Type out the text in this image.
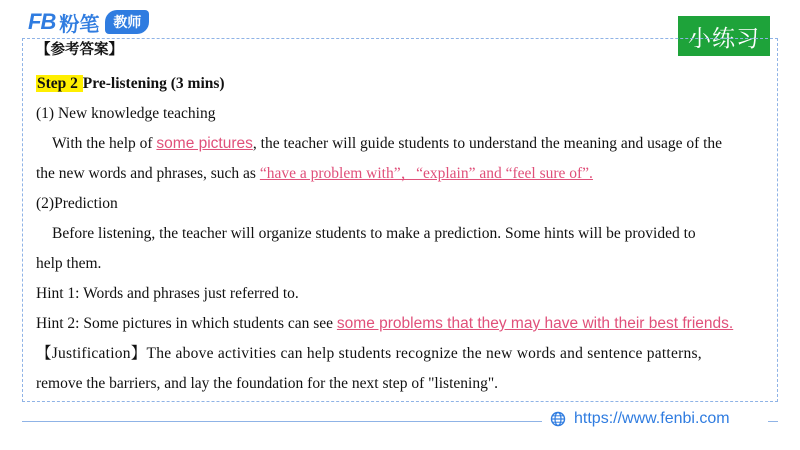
FB 粉笔	教师
小练习
【参考答案】
Step 2 Pre-listening (3 mins)
(1) New knowledge teaching
With the help of some pictures, the teacher will guide students to understand the meaning and usage of the
the new words and phrases, such as “have a problem with”，“explain” and “feel sure of”.
(2)Prediction
Before listening, the teacher will organize students to make a prediction. Some hints will be provided to
help them.
Hint 1: Words and phrases just referred to.
Hint 2: Some pictures in which students can see some problems that they may have with their best friends.
【Justification】The above activities can help students recognize the new words and sentence patterns,
remove the barriers, and lay the foundation for the next step of "listening".
https://www.fenbi.com
